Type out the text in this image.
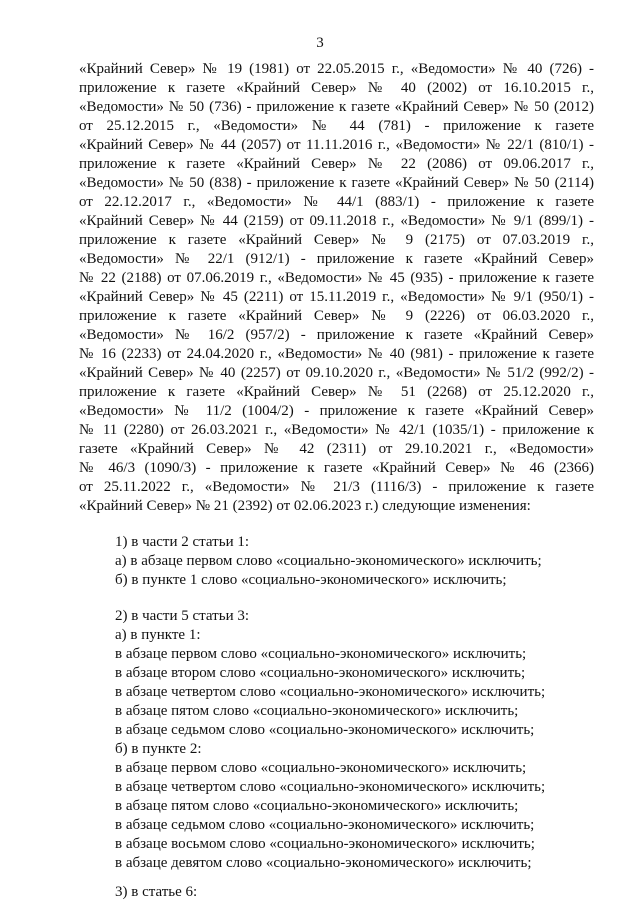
3
«Крайний Север» № 19 (1981) от 22.05.2015 г., «Ведомости» № 40 (726) -
приложение к газете «Крайний Север» № 40 (2002) от 16.10.2015 г.,
«Ведомости» № 50 (736) - приложение к газете «Крайний Север» № 50 (2012)
от 25.12.2015 г., «Ведомости» № 44 (781) - приложение к газете
«Крайний Север» № 44 (2057) от 11.11.2016 г., «Ведомости» № 22/1 (810/1) -
приложение к газете «Крайний Север» № 22 (2086) от 09.06.2017 г.,
«Ведомости» № 50 (838) - приложение к газете «Крайний Север» № 50 (2114)
от 22.12.2017 г., «Ведомости» № 44/1 (883/1) - приложение к газете
«Крайний Север» № 44 (2159) от 09.11.2018 г., «Ведомости» № 9/1 (899/1) -
приложение к газете «Крайний Север» № 9 (2175) от 07.03.2019 г.,
«Ведомости» № 22/1 (912/1) - приложение к газете «Крайний Север»
№ 22 (2188) от 07.06.2019 г., «Ведомости» № 45 (935) - приложение к газете
«Крайний Север» № 45 (2211) от 15.11.2019 г., «Ведомости» № 9/1 (950/1) -
приложение к газете «Крайний Север» № 9 (2226) от 06.03.2020 г.,
«Ведомости» № 16/2 (957/2) - приложение к газете «Крайний Север»
№ 16 (2233) от 24.04.2020 г., «Ведомости» № 40 (981) - приложение к газете
«Крайний Север» № 40 (2257) от 09.10.2020 г., «Ведомости» № 51/2 (992/2) -
приложение к газете «Крайний Север» № 51 (2268) от 25.12.2020 г.,
«Ведомости» № 11/2 (1004/2) - приложение к газете «Крайний Север»
№ 11 (2280) от 26.03.2021 г., «Ведомости» № 42/1 (1035/1) - приложение к
газете «Крайний Север» № 42 (2311) от 29.10.2021 г., «Ведомости»
№ 46/3 (1090/3) - приложение к газете «Крайний Север» № 46 (2366)
от 25.11.2022 г., «Ведомости» № 21/3 (1116/3) - приложение к газете
«Крайний Север» № 21 (2392) от 02.06.2023 г.) следующие изменения:
1) в части 2 статьи 1:
а) в абзаце первом слово «социально-экономического» исключить;
б) в пункте 1 слово «социально-экономического» исключить;
2) в части 5 статьи 3:
а) в пункте 1:
в абзаце первом слово «социально-экономического» исключить;
в абзаце втором слово «социально-экономического» исключить;
в абзаце четвертом слово «социально-экономического» исключить;
в абзаце пятом слово «социально-экономического» исключить;
в абзаце седьмом слово «социально-экономического» исключить;
б) в пункте 2:
в абзаце первом слово «социально-экономического» исключить;
в абзаце четвертом слово «социально-экономического» исключить;
в абзаце пятом слово «социально-экономического» исключить;
в абзаце седьмом слово «социально-экономического» исключить;
в абзаце восьмом слово «социально-экономического» исключить;
в абзаце девятом слово «социально-экономического» исключить;
3) в статье 6:
